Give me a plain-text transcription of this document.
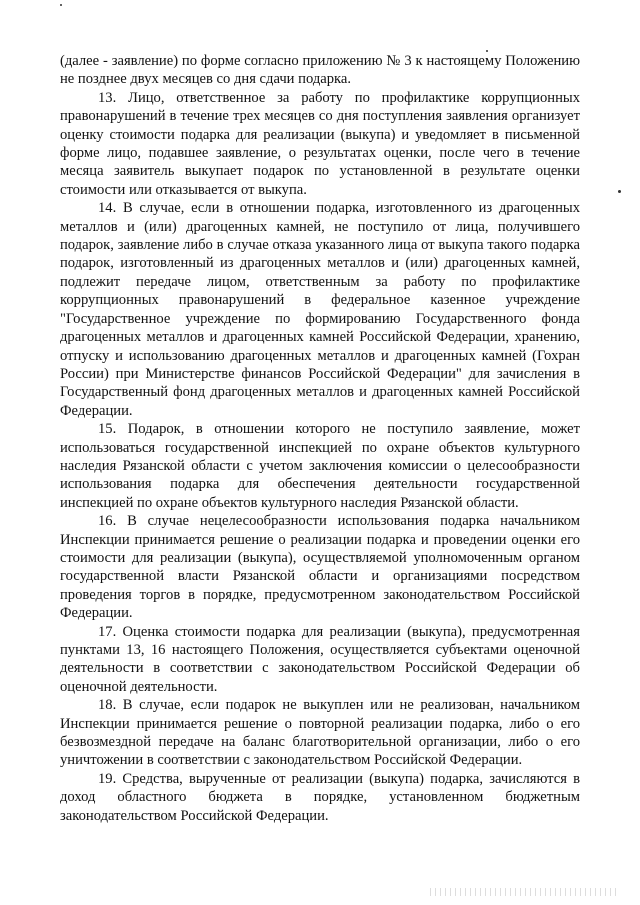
(далее - заявление) по форме согласно приложению № 3 к настоящему Положению не позднее двух месяцев со дня сдачи подарка.

13. Лицо, ответственное за работу по профилактике коррупционных правонарушений в течение трех месяцев со дня поступления заявления организует оценку стоимости подарка для реализации (выкупа) и уведомляет в письменной форме лицо, подавшее заявление, о результатах оценки, после чего в течение месяца заявитель выкупает подарок по установленной в результате оценки стоимости или отказывается от выкупа.

14. В случае, если в отношении подарка, изготовленного из драгоценных металлов и (или) драгоценных камней, не поступило от лица, получившего подарок, заявление либо в случае отказа указанного лица от выкупа такого подарка подарок, изготовленный из драгоценных металлов и (или) драгоценных камней, подлежит передаче лицом, ответственным за работу по профилактике коррупционных правонарушений в федеральное казенное учреждение "Государственное учреждение по формированию Государственного фонда драгоценных металлов и драгоценных камней Российской Федерации, хранению, отпуску и использованию драгоценных металлов и драгоценных камней (Гохран России) при Министерстве финансов Российской Федерации" для зачисления в Государственный фонд драгоценных металлов и драгоценных камней Российской Федерации.

15. Подарок, в отношении которого не поступило заявление, может использоваться государственной инспекцией по охране объектов культурного наследия Рязанской области с учетом заключения комиссии о целесообразности использования подарка для обеспечения деятельности государственной инспекцией по охране объектов культурного наследия Рязанской области.

16. В случае нецелесообразности использования подарка начальником Инспекции принимается решение о реализации подарка и проведении оценки его стоимости для реализации (выкупа), осуществляемой уполномоченным органом государственной власти Рязанской области и организациями посредством проведения торгов в порядке, предусмотренном законодательством Российской Федерации.

17. Оценка стоимости подарка для реализации (выкупа), предусмотренная пунктами 13, 16 настоящего Положения, осуществляется субъектами оценочной деятельности в соответствии с законодательством Российской Федерации об оценочной деятельности.

18. В случае, если подарок не выкуплен или не реализован, начальником Инспекции принимается решение о повторной реализации подарка, либо о его безвозмездной передаче на баланс благотворительной организации, либо о его уничтожении в соответствии с законодательством Российской Федерации.

19. Средства, вырученные от реализации (выкупа) подарка, зачисляются в доход областного бюджета в порядке, установленном бюджетным законодательством Российской Федерации.
